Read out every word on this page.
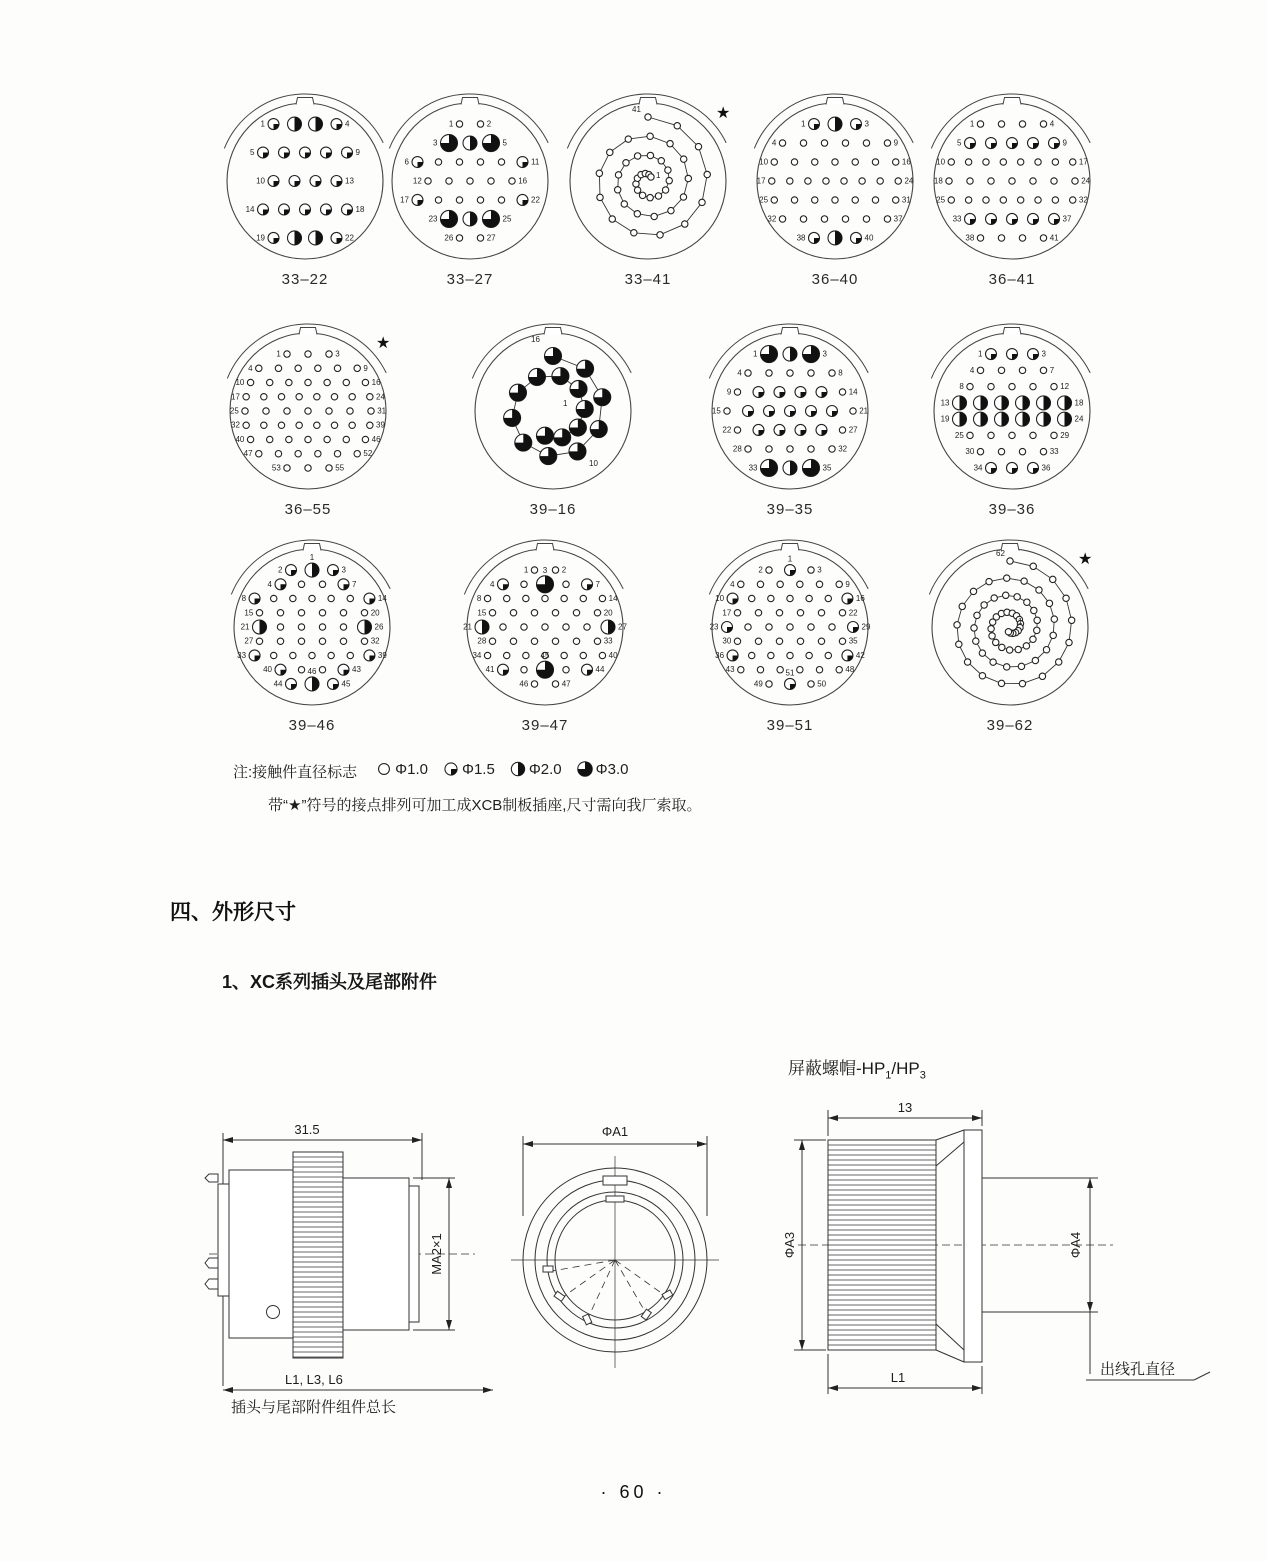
1	4
5	9
10	13
14	18
19	22
33–22
1	2
3	5
6	11
12	16
17	22
23	25
26	27
33–27
41
1
★
33–41
1	3
4	9
10	16
17	24
25	31
32	37
38	40
36–40
1	4
5	9
10	17
18	24
25	32
33	37
38	41
36–41
1	3
4	9
10	16
17	24
25	31
32	39
40	46
47	52
53	55
★
36–55
16
1
10
39–16
1	3
4	8
9	14
15	21
22	27
28	32
33	35
39–35
1	3
4	7
8	12
13	18
19	24
25	29
30	33
34	36
39–36
2	3
1
4	7
8	14
15	20
21	26
27	32
33	39
40	43
44	45
46
39–46
1	2
4	7
3
8	14
15	20
21	27
28	33
34	40
41	44
45
46	47
39–47
2	3
1
4	9
10	16
17	22
23	29
30	35
36	42
43	48
49	50
51
39–51
62
1
★
39–62
注:接触件直径标志	Φ1.0 Φ1.5 Φ2.0 Φ3.0
带“★”符号的接点排列可加工成XCB制板插座,尺寸需向我厂索取。
四、外形尺寸
1、XC系列插头及尾部附件
屏蔽螺帽$-HP_1/HP_3$
31.5
MA2×1
L1, L3, L6
插头与尾部附件组件总长
ΦA1
13
ΦA3	ΦA4
L1	出线孔直径
· 60 ·
